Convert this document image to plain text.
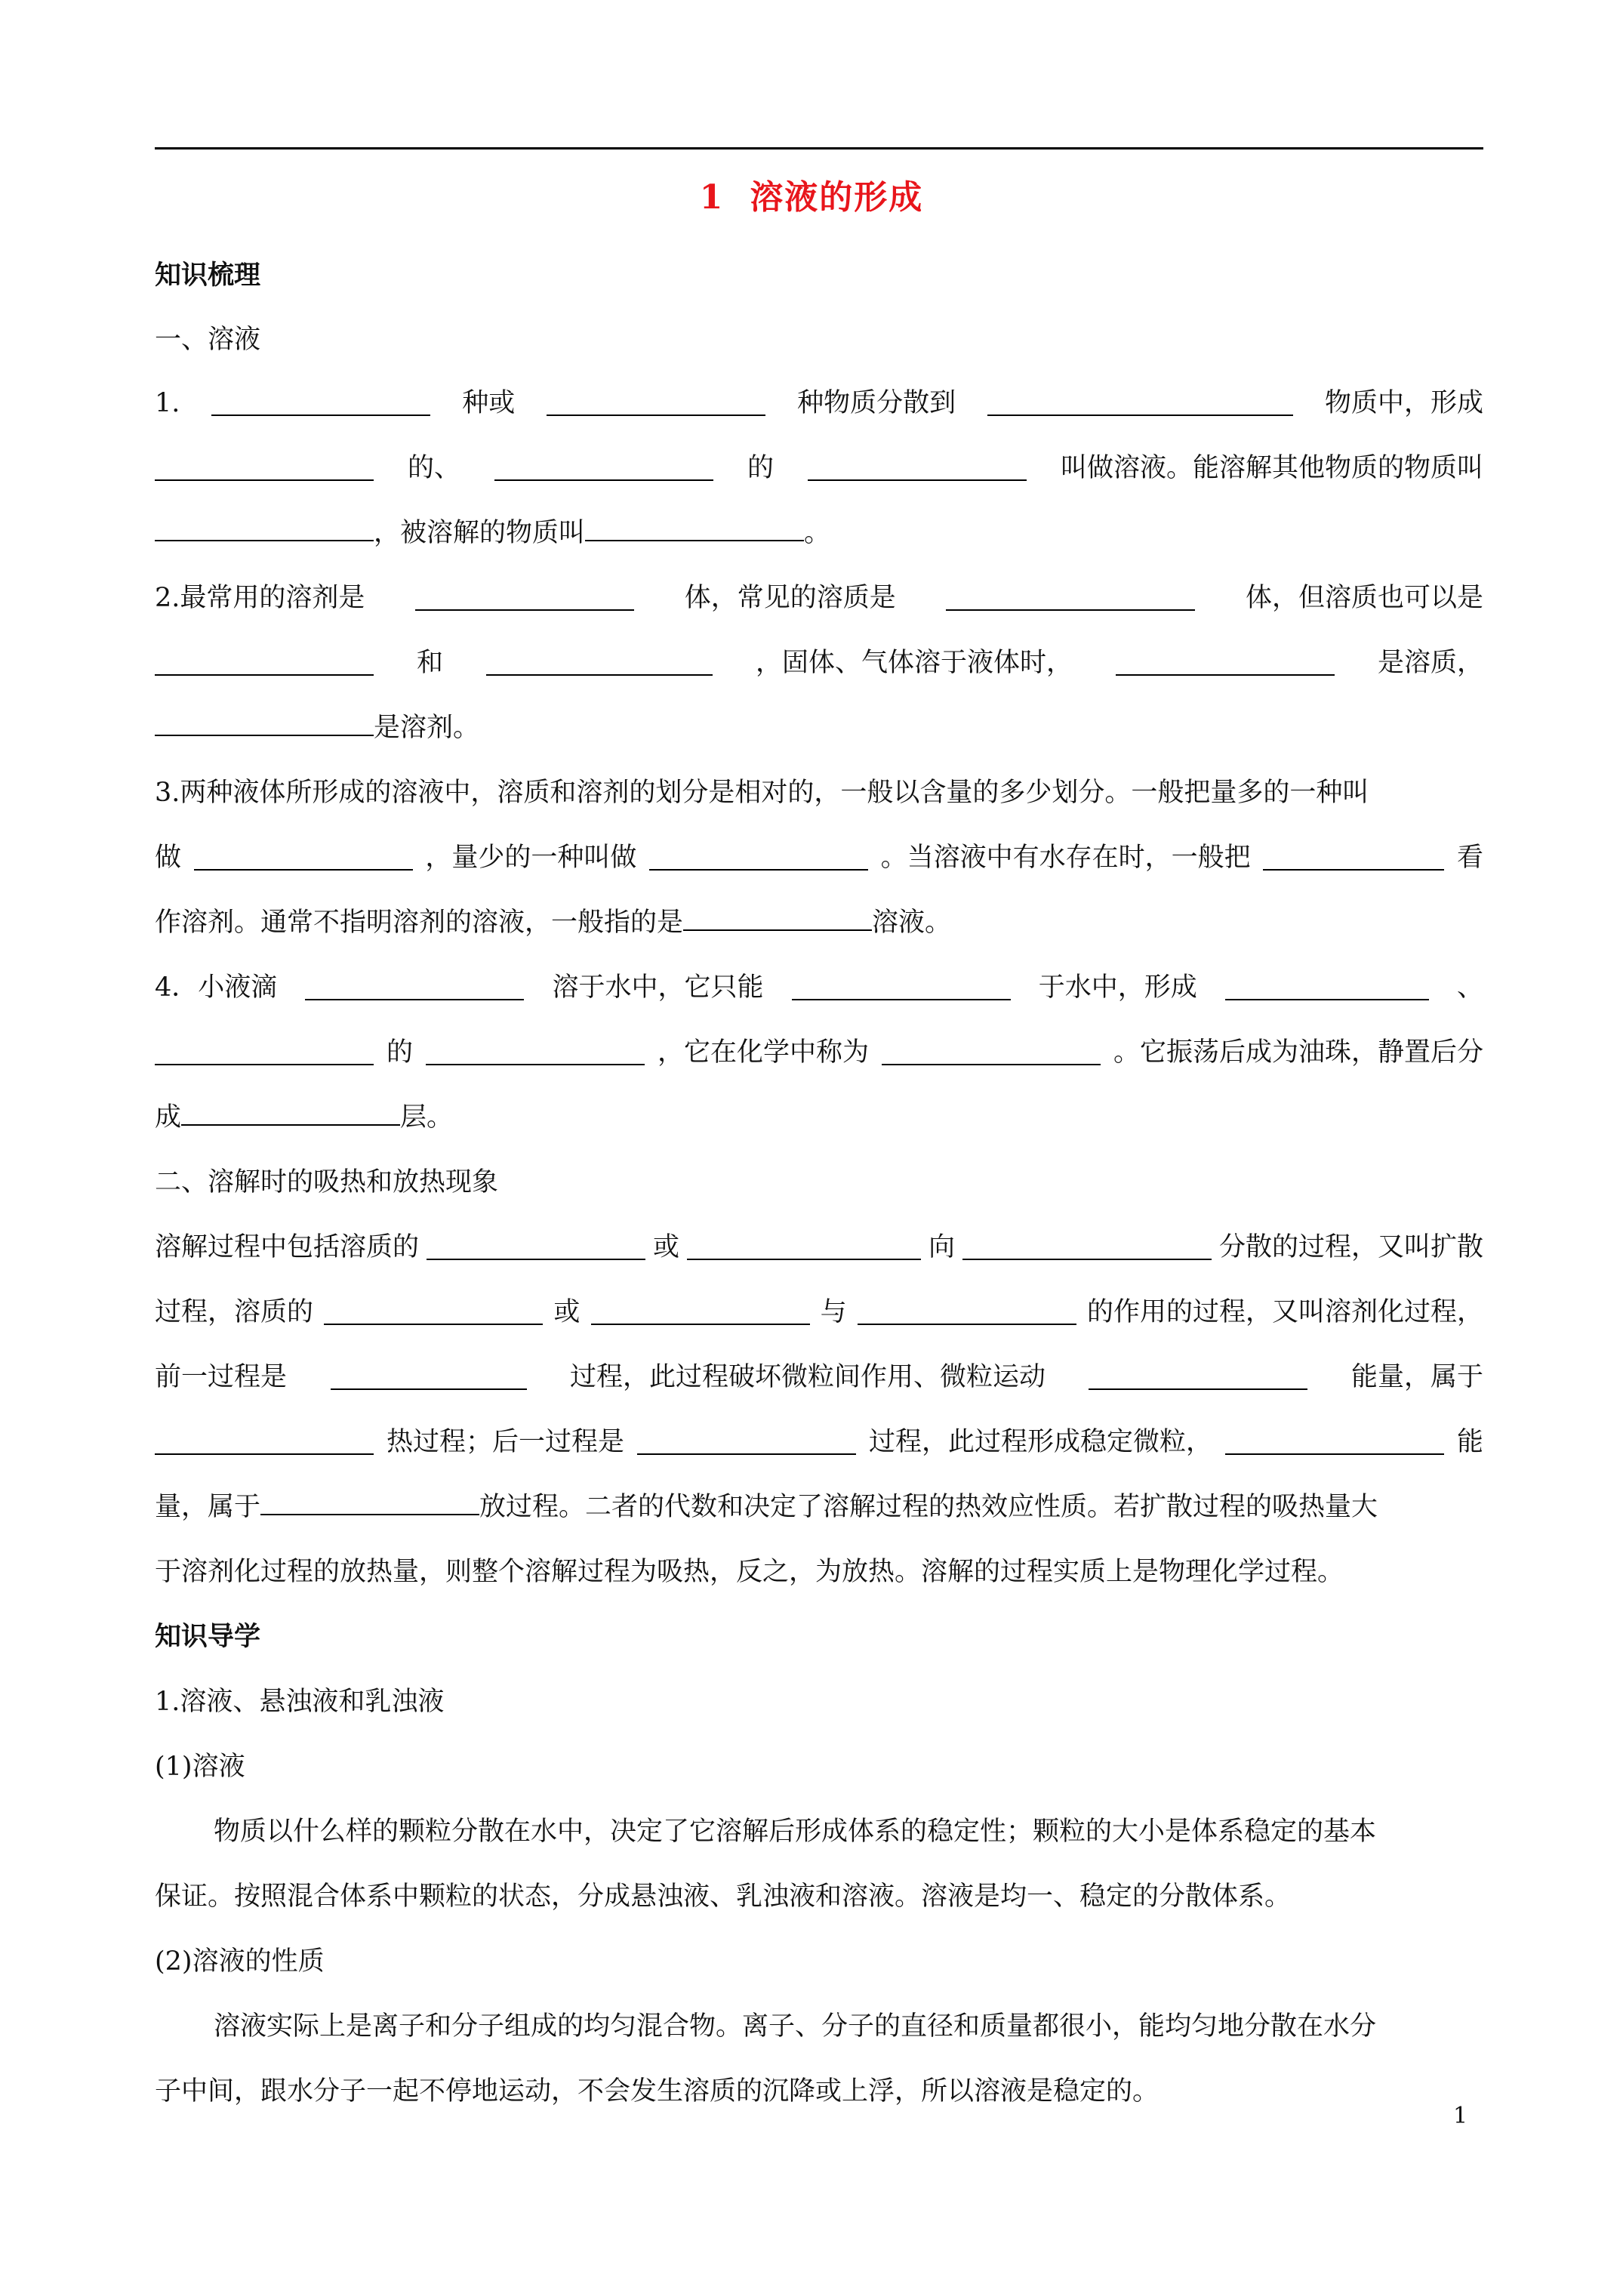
1 溶液的形成
知识梳理
一、溶液
1.	种或	种物质分散到	物质中，形成
的、	的	叫做溶液。能溶解其他物质的物质叫
，被溶解的物质叫	。
2.最常用的溶剂是	体，常见的溶质是	体，但溶质也可以是
和	，固体、气体溶于液体时，	是溶质，
是溶剂。
3.两种液体所形成的溶液中，溶质和溶剂的划分是相对的，一般以含量的多少划分。一般把量多的一种叫
做	，量少的一种叫做	。当溶液中有水存在时，一般把	看
作溶剂。通常不指明溶剂的溶液，一般指的是	溶液。
4．小液滴	溶于水中，它只能	于水中，形成	、
的	，它在化学中称为	。它振荡后成为油珠，静置后分
成	层。
二、溶解时的吸热和放热现象
溶解过程中包括溶质的	或	向	分散的过程，又叫扩散
过程，溶质的	或	与	的作用的过程，又叫溶剂化过程，
前一过程是	过程，此过程破坏微粒间作用、微粒运动	能量，属于
热过程；后一过程是	过程，此过程形成稳定微粒，	能
量，属于	放过程。二者的代数和决定了溶解过程的热效应性质。若扩散过程的吸热量大
于溶剂化过程的放热量，则整个溶解过程为吸热，反之，为放热。溶解的过程实质上是物理化学过程。
知识导学
1.溶液、悬浊液和乳浊液
(1)溶液
物质以什么样的颗粒分散在水中，决定了它溶解后形成体系的稳定性；颗粒的大小是体系稳定的基本
保证。按照混合体系中颗粒的状态，分成悬浊液、乳浊液和溶液。溶液是均一、稳定的分散体系。
(2)溶液的性质
溶液实际上是离子和分子组成的均匀混合物。离子、分子的直径和质量都很小，能均匀地分散在水分
子中间，跟水分子一起不停地运动，不会发生溶质的沉降或上浮，所以溶液是稳定的。
1
